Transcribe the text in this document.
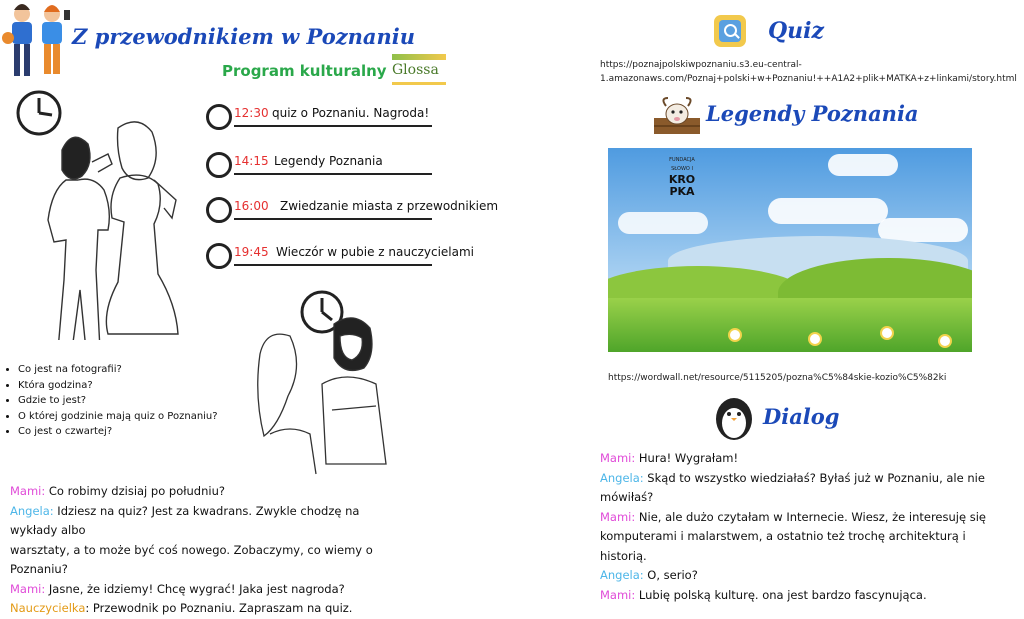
Z przewodnikiem w Poznaniu
Program kulturalny Glossa
12:30 quiz o Poznaniu. Nagroda!
14:15 Legendy Poznania
16:00 Zwiedzanie miasta z przewodnikiem
19:45 Wieczór w pubie z nauczycielami
• Co jest na fotografii?
• Która godzina?
• Gdzie to jest?
• O której godzinie mają quiz o Poznaniu?
• Co jest o czwartej?
Mami: Co robimy dzisiaj po południu?
Angela: Idziesz na quiz? Jest za kwadrans. Zwykle chodzę na wykłady albo
warsztaty, a to może być coś nowego. Zobaczymy, co wiemy o Poznaniu?
Mami: Jasne, że idziemy! Chcę wygrać! Jaka jest nagroda?
Nauczycielka: Przewodnik po Poznaniu. Zapraszam na quiz.
Quiz
https://poznajpolskiwpoznaniu.s3.eu-central-
1.amazonaws.com/Poznaj+polski+w+Poznaniu!++A1A2+plik+MATKA+z+linkami/story.html
Legendy Poznania
FUNDACJA
SŁOWO I
KRO
PKA
https://wordwall.net/resource/5115205/pozna%C5%84skie-kozio%C5%82ki
Dialog
Mami: Hura! Wygrałam!
Angela: Skąd to wszystko wiedziałaś? Byłaś już w Poznaniu, ale nie mówiłaś?
Mami: Nie, ale dużo czytałam w Internecie. Wiesz, że interesuję się
komputerami i malarstwem, a ostatnio też trochę architekturą i historią.
Angela: O, serio?
Mami: Lubię polską kulturę. ona jest bardzo fascynująca.
